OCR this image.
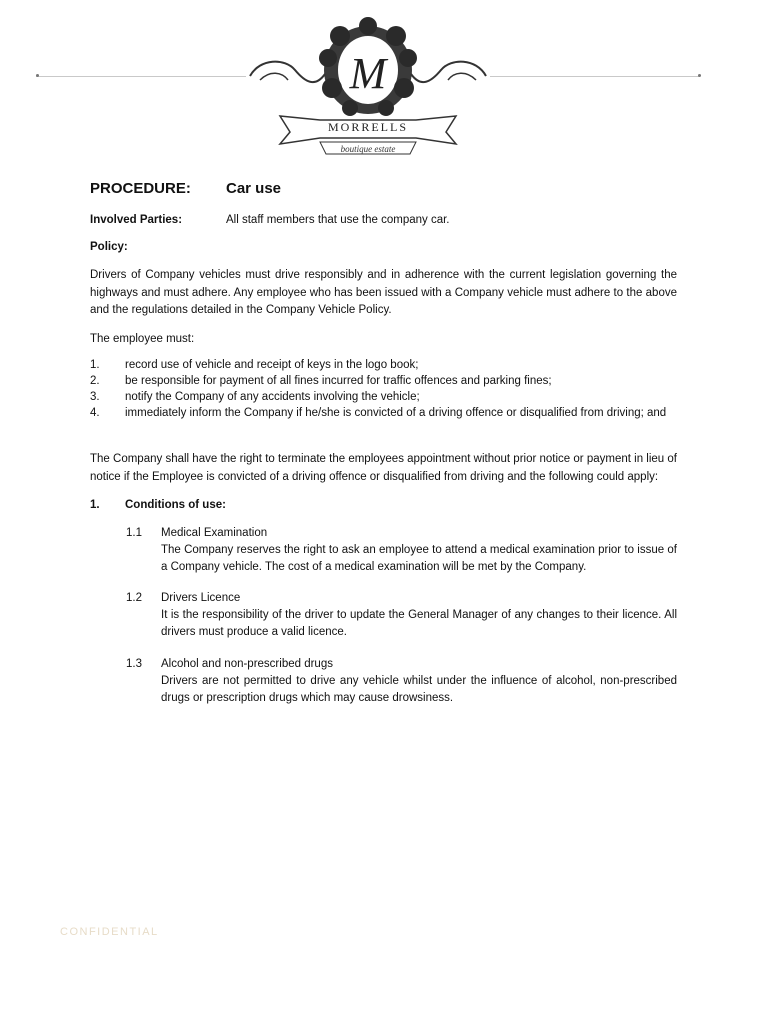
M
MORRELLS
boutique estate
PROCEDURE: Car use
Involved Parties:	All staff members that use the company car.
Policy:
Drivers of Company vehicles must drive responsibly and in adherence with the current legislation governing the highways and must adhere. Any employee who has been issued with a Company vehicle must adhere to the above and the regulations detailed in the Company Vehicle Policy.
The employee must:
1. record use of vehicle and receipt of keys in the logo book;
2. be responsible for payment of all fines incurred for traffic offences and parking fines;
3. notify the Company of any accidents involving the vehicle;
4. immediately inform the Company if he/she is convicted of a driving offence or disqualified from driving; and
The Company shall have the right to terminate the employees appointment without prior notice or payment in lieu of notice if the Employee is convicted of a driving offence or disqualified from driving and the following could apply:
1. Conditions of use:
1.1 Medical Examination
The Company reserves the right to ask an employee to attend a medical examination prior to issue of a Company vehicle. The cost of a medical examination will be met by the Company.
1.2 Drivers Licence
It is the responsibility of the driver to update the General Manager of any changes to their licence. All drivers must produce a valid licence.
1.3 Alcohol and non-prescribed drugs
Drivers are not permitted to drive any vehicle whilst under the influence of alcohol, non-prescribed drugs or prescription drugs which may cause drowsiness.
CONFIDENTIAL
